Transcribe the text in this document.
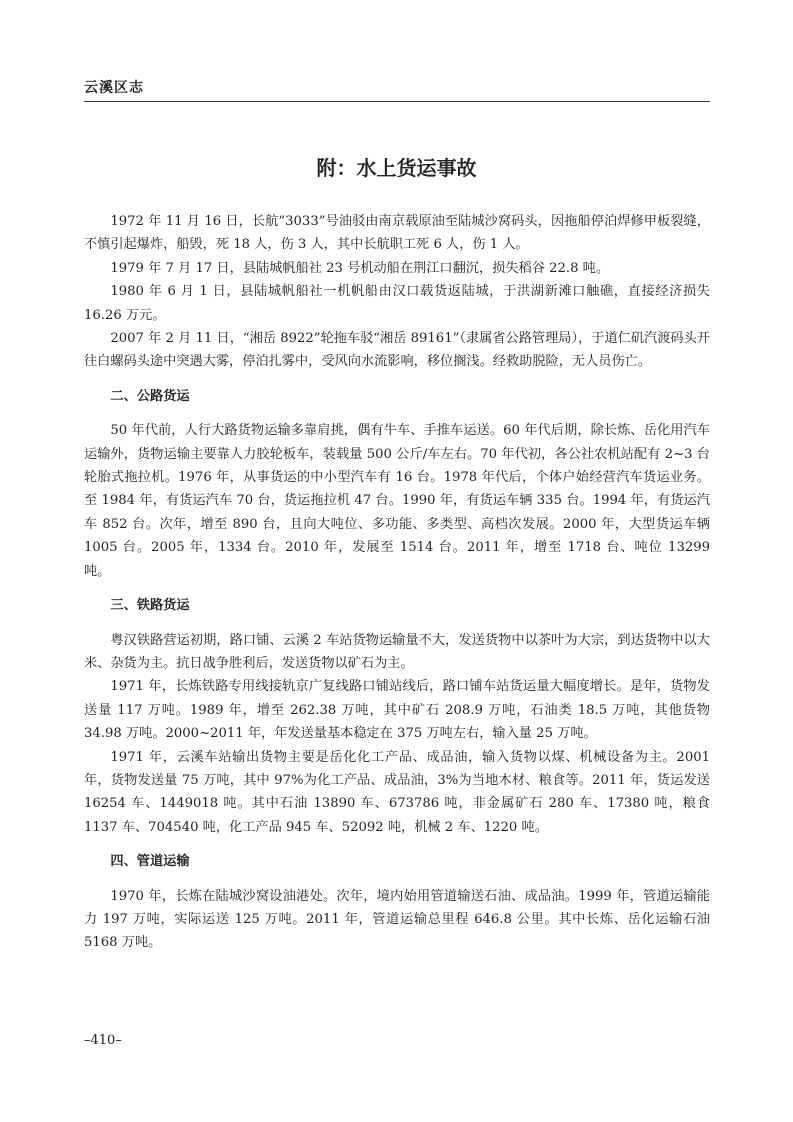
云溪区志
附：水上货运事故

1972 年 11 月 16 日，长航“3033”号油驳由南京载原油至陆城沙窝码头，因拖船停泊焊修甲板裂缝，不慎引起爆炸，船毁，死 18 人，伤 3 人，其中长航职工死 6 人，伤 1 人。

1979 年 7 月 17 日，县陆城帆船社 23 号机动船在荆江口翻沉，损失稻谷 22.8 吨。

1980 年 6 月 1 日，县陆城帆船社一机帆船由汉口载货返陆城，于洪湖新滩口触礁，直接经济损失 16.26 万元。

2007 年 2 月 11 日，“湘岳 8922”轮拖车驳“湘岳 89161”（隶属省公路管理局），于道仁矶汽渡码头开往白螺码头途中突遇大雾，停泊扎雾中，受风向水流影响，移位搁浅。经救助脱险，无人员伤亡。

二、公路货运

50 年代前，人行大路货物运输多靠肩挑，偶有牛车、手推车运送。60 年代后期，除长炼、岳化用汽车运输外，货物运输主要靠人力胶轮板车，装载量 500 公斤/车左右。70 年代初，各公社农机站配有 2~3 台轮胎式拖拉机。1976 年，从事货运的中小型汽车有 16 台。1978 年代后，个体户始经营汽车货运业务。至 1984 年，有货运汽车 70 台，货运拖拉机 47 台。1990 年，有货运车辆 335 台。1994 年，有货运汽车 852 台。次年，增至 890 台，且向大吨位、多功能、多类型、高档次发展。2000 年，大型货运车辆 1005 台。2005 年，1334 台。2010 年，发展至 1514 台。2011 年，增至 1718 台、吨位 13299 吨。

三、铁路货运

粤汉铁路营运初期，路口铺、云溪 2 车站货物运输量不大，发送货物中以茶叶为大宗，到达货物中以大米、杂货为主。抗日战争胜利后，发送货物以矿石为主。

1971 年，长炼铁路专用线接轨京广复线路口铺站线后，路口铺车站货运量大幅度增长。是年，货物发送量 117 万吨。1989 年，增至 262.38 万吨，其中矿石 208.9 万吨，石油类 18.5 万吨，其他货物 34.98 万吨。2000~2011 年，年发送量基本稳定在 375 万吨左右，输入量 25 万吨。

1971 年，云溪车站输出货物主要是岳化化工产品、成品油，输入货物以煤、机械设备为主。2001 年，货物发送量 75 万吨，其中 97%为化工产品、成品油，3%为当地木材、粮食等。2011 年，货运发送 16254 车、1449018 吨。其中石油 13890 车、673786 吨，非金属矿石 280 车、17380 吨，粮食 1137 车、704540 吨，化工产品 945 车、52092 吨，机械 2 车、1220 吨。

四、管道运输

1970 年，长炼在陆城沙窝设油港处。次年，境内始用管道输送石油、成品油。1999 年，管道运输能力 197 万吨，实际运送 125 万吨。2011 年，管道运输总里程 646.8 公里。其中长炼、岳化运输石油 5168 万吨。

–410–
